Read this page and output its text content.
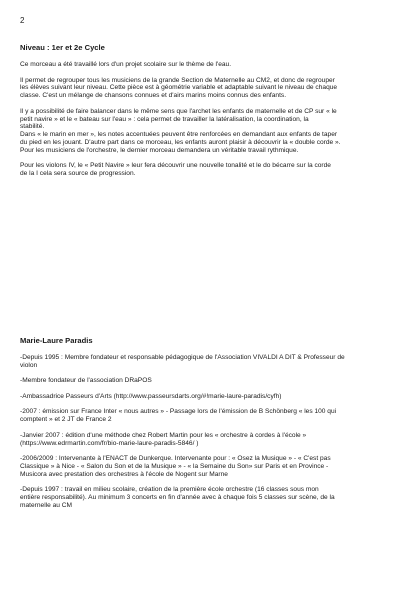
2
Niveau : 1er et 2e Cycle

Ce morceau a été travaillé lors d'un projet scolaire sur le thème de l'eau.

Il permet de regrouper tous les musiciens de la grande Section de Maternelle au CM2, et donc de regrouper
les élèves suivant leur niveau. Cette pièce est à géométrie variable et adaptable suivant le niveau de chaque
classe. C'est un mélange de chansons connues et d'airs marins moins connus des enfants.

Il y a possibilité de faire balancer dans le même sens que l'archet les enfants de maternelle et de CP sur « le
petit navire » et le « bateau sur l'eau » : cela permet de travailler la latéralisation, la coordination, la
stabilité.
Dans « le marin en mer », les notes accentuées peuvent être renforcées en demandant aux enfants de taper
du pied en les jouant. D'autre part dans ce morceau, les enfants auront plaisir à découvrir la « double corde ».
Pour les musiciens de l'orchestre, le dernier morceau demandera un véritable travail rythmique.

Pour les violons IV, le « Petit Navire » leur fera découvrir une nouvelle tonalité et le do bécarre sur la corde
de la I cela sera source de progression.

Marie-Laure Paradis

-Depuis 1995 : Membre fondateur et responsable pédagogique de l'Association VIVALDI A DIT & Professeur de
violon

-Membre fondateur de l'association DRaPOS

-Ambassadrice Passeurs d'Arts (http://www.passeursdarts.org/#!marie-laure-paradis/cyfh)

-2007 : émission sur France Inter « nous autres » - Passage lors de l'émission de B Schönberg « les 100 qui
comptent » et 2 JT de France 2

-Janvier 2007 : édition d'une méthode chez Robert Martin pour les « orchestre à cordes à l'école »
(https://www.edrmartin.com/fr/bio-marie-laure-paradis-5846/ )

-2006/2009 : Intervenante à l'ENACT de Dunkerque. Intervenante pour : « Osez la Musique » - « C'est pas
Classique » à Nice - « Salon du Son et de la Musique » - « la Semaine du Son» sur Paris et en Province -
Musicora avec prestation des orchestres à l'école de Nogent sur Marne

-Depuis 1997 : travail en milieu scolaire, création de la première école orchestre (16 classes sous mon
entière responsabilité). Au minimum 3 concerts en fin d'année avec à chaque fois 5 classes sur scène, de la
maternelle au CM
